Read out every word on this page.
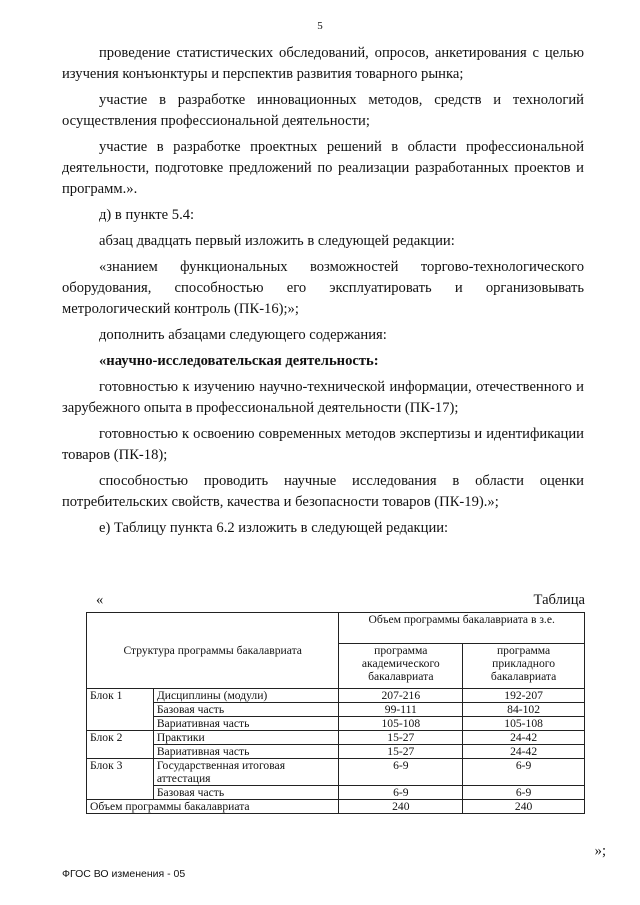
5

проведение статистических обследований, опросов, анкетирования с целью изучения конъюнктуры и перспектив развития товарного рынка;

участие в разработке инновационных методов, средств и технологий осуществления профессиональной деятельности;

участие в разработке проектных решений в области профессиональной деятельности, подготовке предложений по реализации разработанных проектов и программ.».

д) в пункте 5.4:

абзац двадцать первый изложить в следующей редакции:

«знанием функциональных возможностей торгово-технологического оборудования, способностью его эксплуатировать и организовывать метрологический контроль (ПК-16);»;

дополнить абзацами следующего содержания:

«научно-исследовательская деятельность:

готовностью к изучению научно-технической информации, отечественного и зарубежного опыта в профессиональной деятельности (ПК-17);

готовностью к освоению современных методов экспертизы и идентификации товаров (ПК-18);

способностью проводить научные исследования в области оценки потребительских свойств, качества и безопасности товаров (ПК-19).»;

е) Таблицу пункта 6.2 изложить в следующей редакции:

«	Таблица
Структура программы бакалавриата		Объем программы бакалавриата в з.е.	
		программа академического бакалавриата	программа прикладного бакалавриата
Блок 1	Дисциплины (модули)	207-216	192-207
	Базовая часть	99-111	84-102
	Вариативная часть	105-108	105-108
Блок 2	Практики	15-27	24-42
	Вариативная часть	15-27	24-42
Блок 3	Государственная итоговая аттестация	6-9	6-9
	Базовая часть	6-9	6-9
Объем программы бакалавриата		240	240
»;
ФГОС ВО изменения - 05
